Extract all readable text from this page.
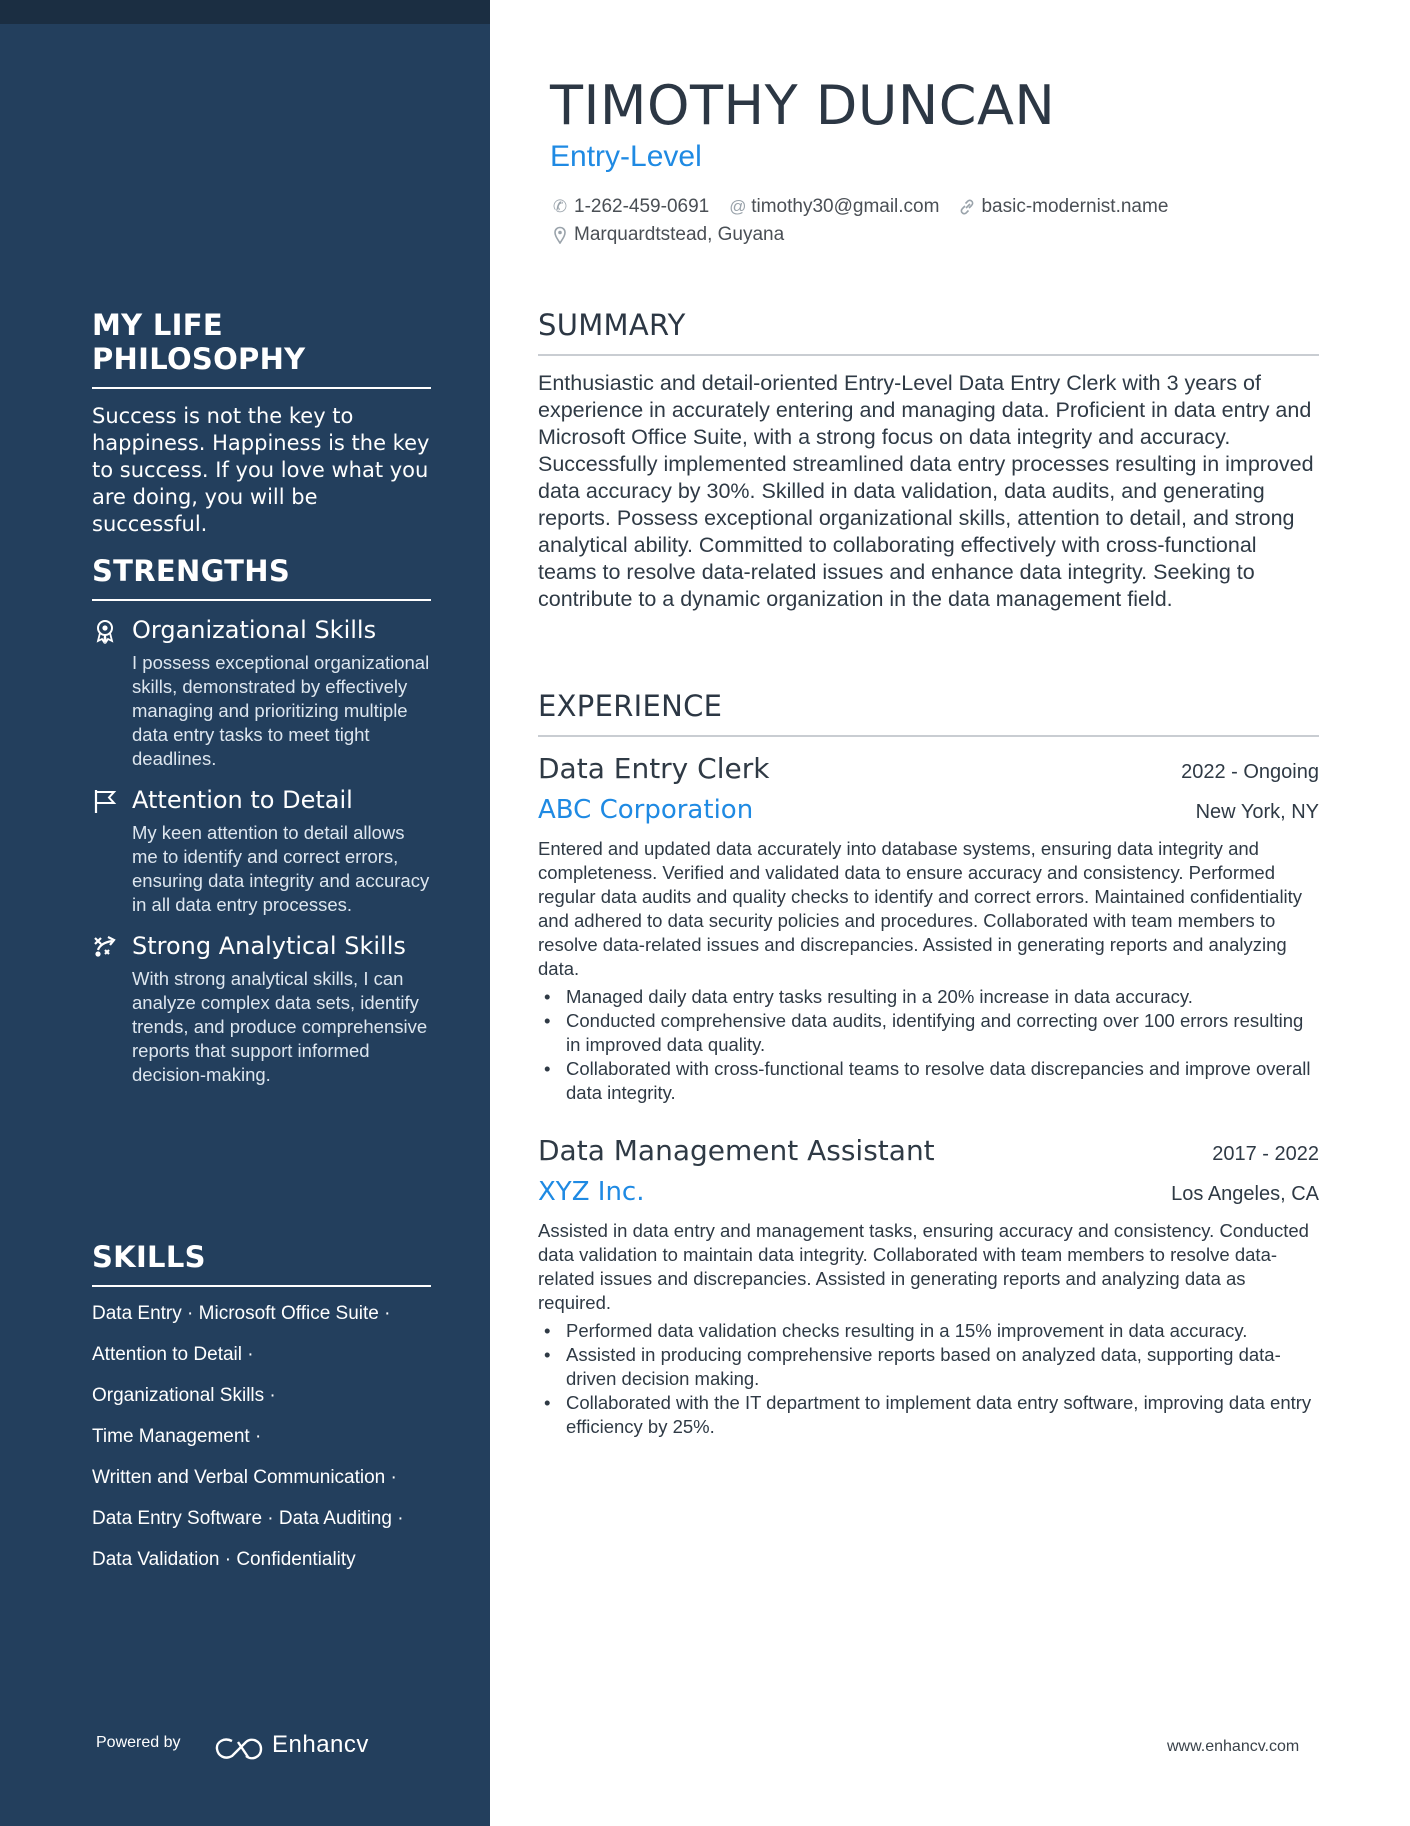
MY LIFE PHILOSOPHY
Success is not the key to happiness. Happiness is the key to success. If you love what you are doing, you will be successful.
STRENGTHS
Organizational Skills
I possess exceptional organizational skills, demonstrated by effectively managing and prioritizing multiple data entry tasks to meet tight deadlines.
Attention to Detail
My keen attention to detail allows me to identify and correct errors, ensuring data integrity and accuracy in all data entry processes.
Strong Analytical Skills
With strong analytical skills, I can analyze complex data sets, identify trends, and produce comprehensive reports that support informed decision-making.
SKILLS
Data Entry · Microsoft Office Suite ·
Attention to Detail ·
Organizational Skills ·
Time Management ·
Written and Verbal Communication ·
Data Entry Software · Data Auditing ·
Data Validation · Confidentiality
Powered by	Enhancv
TIMOTHY DUNCAN
Entry-Level
✆ 1-262-459-0691 @ timothy30@gmail.com basic-modernist.name
Marquardtstead, Guyana
SUMMARY
Enthusiastic and detail-oriented Entry-Level Data Entry Clerk with 3 years of experience in accurately entering and managing data. Proficient in data entry and Microsoft Office Suite, with a strong focus on data integrity and accuracy. Successfully implemented streamlined data entry processes resulting in improved data accuracy by 30%. Skilled in data validation, data audits, and generating reports. Possess exceptional organizational skills, attention to detail, and strong analytical ability. Committed to collaborating effectively with cross-functional teams to resolve data-related issues and enhance data integrity. Seeking to contribute to a dynamic organization in the data management field.
EXPERIENCE
Data Entry Clerk	2022 - Ongoing
ABC Corporation	New York, NY
Entered and updated data accurately into database systems, ensuring data integrity and completeness. Verified and validated data to ensure accuracy and consistency. Performed regular data audits and quality checks to identify and correct errors. Maintained confidentiality and adhered to data security policies and procedures. Collaborated with team members to resolve data-related issues and discrepancies. Assisted in generating reports and analyzing data.
• Managed daily data entry tasks resulting in a 20% increase in data accuracy.
• Conducted comprehensive data audits, identifying and correcting over 100 errors resulting in improved data quality.
• Collaborated with cross-functional teams to resolve data discrepancies and improve overall data integrity.
Data Management Assistant	2017 - 2022
XYZ Inc.	Los Angeles, CA
Assisted in data entry and management tasks, ensuring accuracy and consistency. Conducted data validation to maintain data integrity. Collaborated with team members to resolve data-related issues and discrepancies. Assisted in generating reports and analyzing data as required.
• Performed data validation checks resulting in a 15% improvement in data accuracy.
• Assisted in producing comprehensive reports based on analyzed data, supporting data-driven decision making.
• Collaborated with the IT department to implement data entry software, improving data entry efficiency by 25%.
www.enhancv.com
